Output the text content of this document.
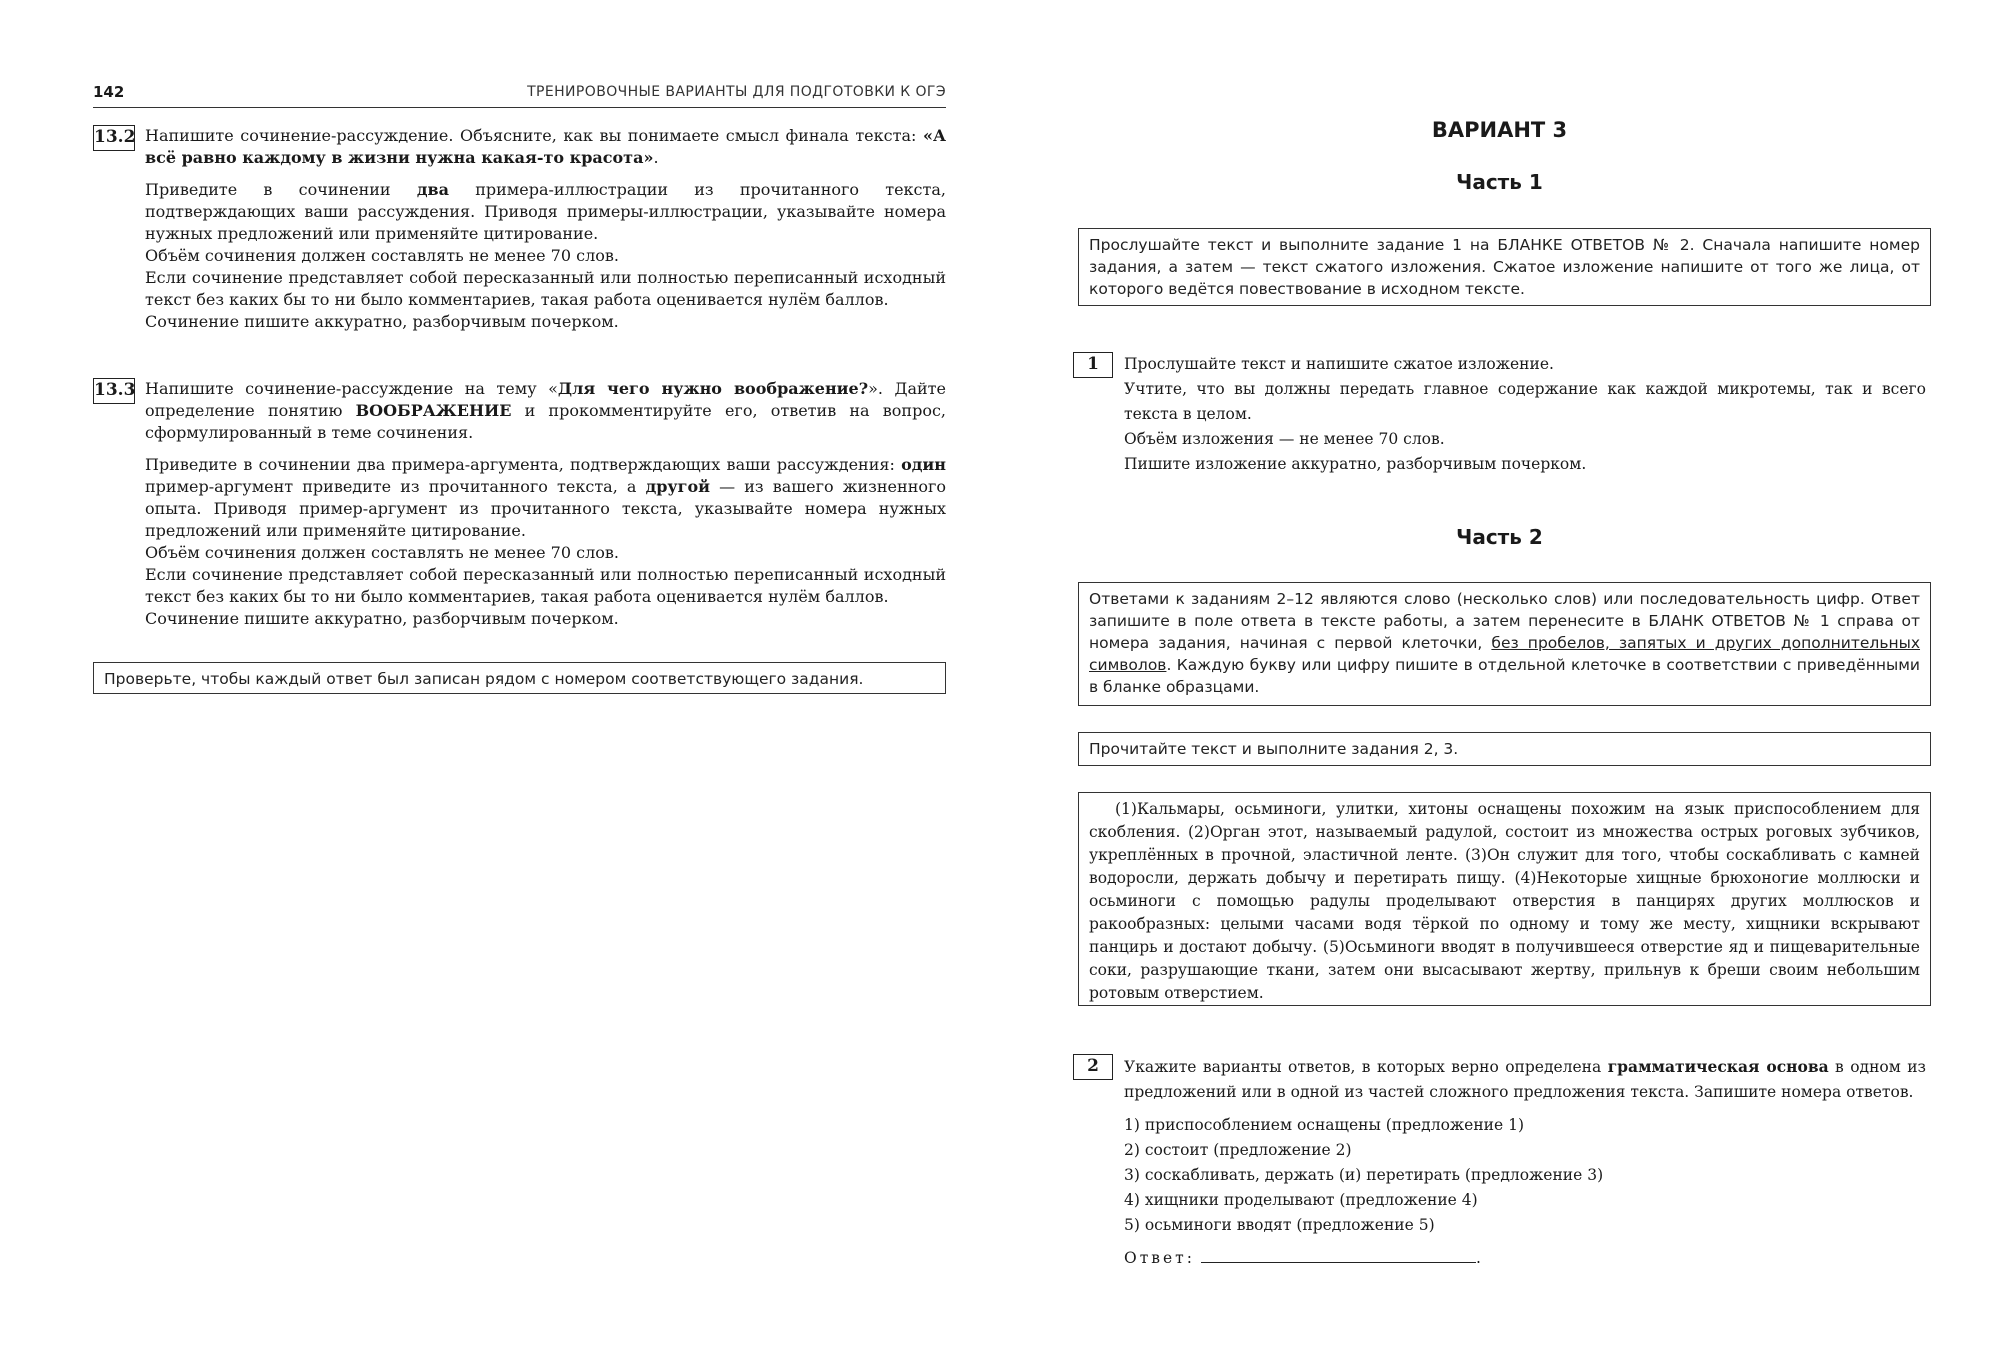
142	ТРЕНИРОВОЧНЫЕ ВАРИАНТЫ ДЛЯ ПОДГОТОВКИ К ОГЭ
13.2 Напишите сочинение-рассуждение. Объясните, как вы понимаете смысл финала текста: «А всё равно каждому в жизни нужна какая-то красота».

Приведите в сочинении два примера-иллюстрации из прочитанного текста, подтверждающих ваши рассуждения. Приводя примеры-иллюстрации, указывайте номера нужных предложений или применяйте цитирование.

Объём сочинения должен составлять не менее 70 слов.

Если сочинение представляет собой пересказанный или полностью переписанный исходный текст без каких бы то ни было комментариев, такая работа оценивается нулём баллов.

Сочинение пишите аккуратно, разборчивым почерком.

13.3 Напишите сочинение-рассуждение на тему «Для чего нужно воображение?». Дайте определение понятию ВООБРАЖЕНИЕ и прокомментируйте его, ответив на вопрос, сформулированный в теме сочинения.

Приведите в сочинении два примера-аргумента, подтверждающих ваши рассуждения: один пример-аргумент приведите из прочитанного текста, а другой — из вашего жизненного опыта. Приводя пример-аргумент из прочитанного текста, указывайте номера нужных предложений или применяйте цитирование.

Объём сочинения должен составлять не менее 70 слов.

Если сочинение представляет собой пересказанный или полностью переписанный исходный текст без каких бы то ни было комментариев, такая работа оценивается нулём баллов.

Сочинение пишите аккуратно, разборчивым почерком.

Проверьте, чтобы каждый ответ был записан рядом с номером соответствующего задания.
ВАРИАНТ 3
Часть 1
Прослушайте текст и выполните задание 1 на БЛАНКЕ ОТВЕТОВ № 2. Сначала напишите номер задания, а затем — текст сжатого изложения. Сжатое изложение напишите от того же лица, от которого ведётся повествование в исходном тексте.
1	Прослушайте текст и напишите сжатое изложение.

Учтите, что вы должны передать главное содержание как каждой микротемы, так и всего текста в целом.

Объём изложения — не менее 70 слов.

Пишите изложение аккуратно, разборчивым почерком.

Часть 2
Ответами к заданиям 2–12 являются слово (несколько слов) или последовательность цифр. Ответ запишите в поле ответа в тексте работы, а затем перенесите в БЛАНК ОТВЕТОВ № 1 справа от номера задания, начиная с первой клеточки, без пробелов, запятых и других дополнительных символов. Каждую букву или цифру пишите в отдельной клеточке в соответствии с приведёнными в бланке образцами.
Прочитайте текст и выполните задания 2, 3.
(1)Кальмары, осьминоги, улитки, хитоны оснащены похожим на язык приспособлением для скобления. (2)Орган этот, называемый радулой, состоит из множества острых роговых зубчиков, укреплённых в прочной, эластичной ленте. (3)Он служит для того, чтобы соскабливать с камней водоросли, держать добычу и перетирать пищу. (4)Некоторые хищные брюхоногие моллюски и осьминоги с помощью радулы проделывают отверстия в панцирях других моллюсков и ракообразных: целыми часами водя тёркой по одному и тому же месту, хищники вскрывают панцирь и достают добычу. (5)Осьминоги вводят в получившееся отверстие яд и пищеварительные соки, разрушающие ткани, затем они высасывают жертву, прильнув к бреши своим небольшим ротовым отверстием.
2	Укажите варианты ответов, в которых верно определена грамматическая основа в одном из предложений или в одной из частей сложного предложения текста. Запишите номера ответов.

1) приспособлением оснащены (предложение 1)
2) состоит (предложение 2)
3) соскабливать, держать (и) перетирать (предложение 3)
4) хищники проделывают (предложение 4)
5) осьминоги вводят (предложение 5)
Ответ:	.
